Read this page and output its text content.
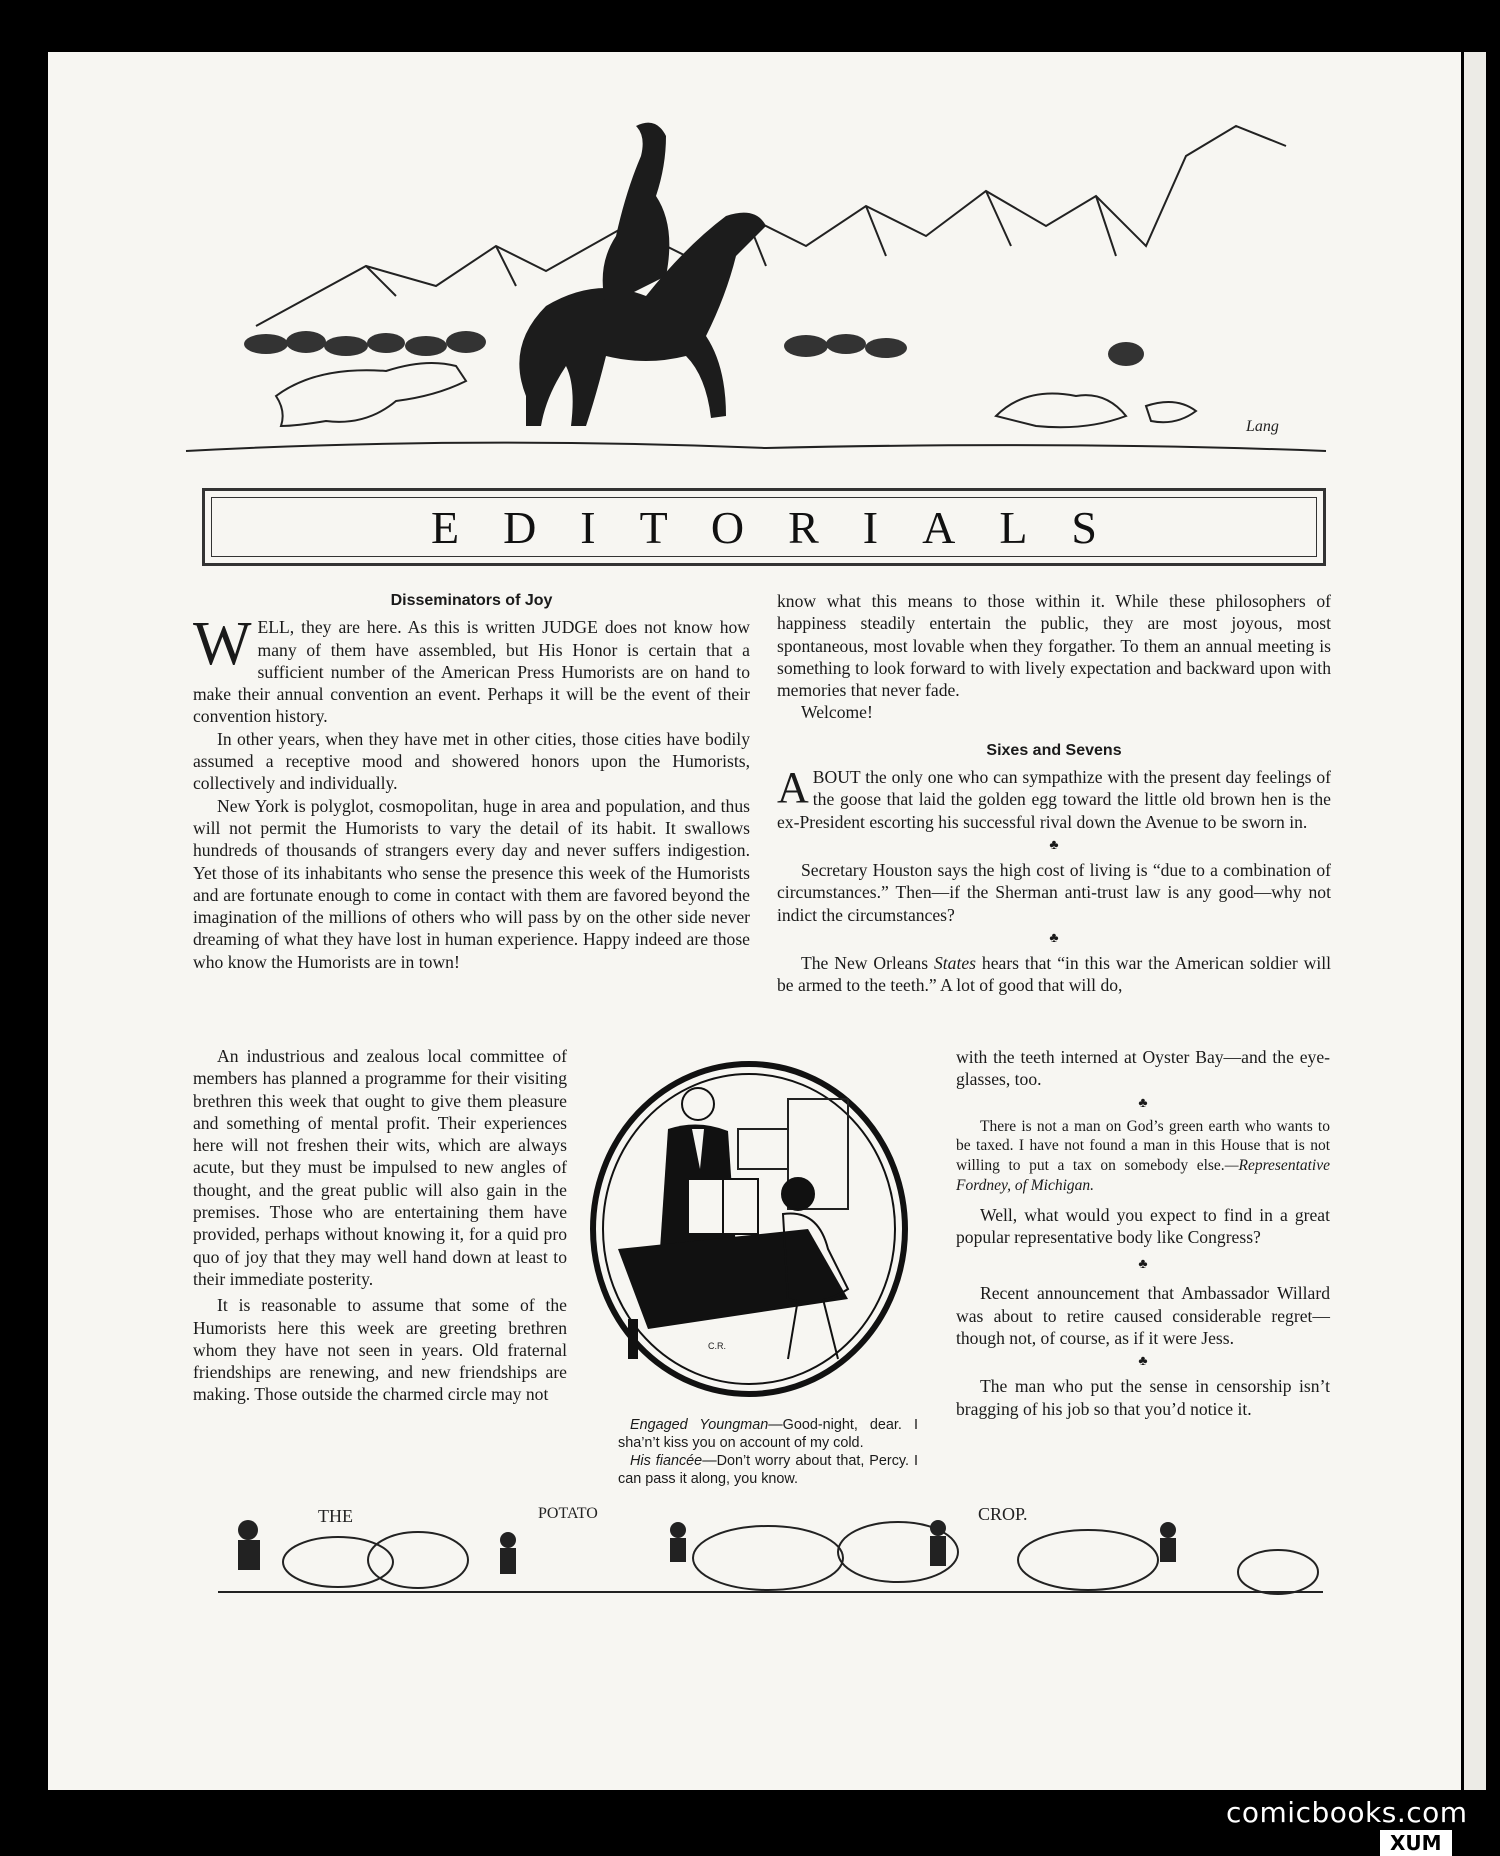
Lang
EDITORIALS
Disseminators of Joy

WELL, they are here. As this is written JUDGE does not know how many of them have assembled, but His Honor is certain that a sufficient number of the American Press Humorists are on hand to make their annual convention an event. Perhaps it will be the event of their convention history.

In other years, when they have met in other cities, those cities have bodily assumed a receptive mood and showered honors upon the Humorists, collectively and individually.

New York is polyglot, cosmopolitan, huge in area and population, and thus will not permit the Humorists to vary the detail of its habit. It swallows hundreds of thousands of strangers every day and never suffers indigestion. Yet those of its inhabitants who sense the presence this week of the Humorists and are fortunate enough to come in contact with them are favored beyond the imagination of the millions of others who will pass by on the other side never dreaming of what they have lost in human experience. Happy indeed are those who know the Humorists are in town!

An industrious and zealous local committee of members has planned a programme for their visiting brethren this week that ought to give them pleasure and something of mental profit. Their experiences here will not freshen their wits, which are always acute, but they must be impulsed to new angles of thought, and the great public will also gain in the premises. Those who are entertaining them have provided, perhaps without knowing it, for a quid pro quo of joy that they may well hand down at least to their immediate posterity.

It is reasonable to assume that some of the Humorists here this week are greeting brethren whom they have not seen in years. Old fraternal friendships are renewing, and new friendships are making. Those outside the charmed circle may not

know what this means to those within it. While these philosophers of happiness steadily entertain the public, they are most joyous, most spontaneous, most lovable when they forgather. To them an annual meeting is something to look forward to with lively expectation and backward upon with memories that never fade.

Welcome!

Sixes and Sevens

ABOUT the only one who can sympathize with the present day feelings of the goose that laid the golden egg toward the little old brown hen is the ex-President escorting his successful rival down the Avenue to be sworn in.

♣

Secretary Houston says the high cost of living is “due to a combination of circumstances.” Then—if the Sherman anti-trust law is any good—why not indict the circumstances?

♣

The New Orleans States hears that “in this war the American soldier will be armed to the teeth.” A lot of good that will do,

with the teeth interned at Oyster Bay—and the eye-glasses, too.

♣

There is not a man on God’s green earth who wants to be taxed. I have not found a man in this House that is not willing to put a tax on somebody else.—Representative Fordney, of Michigan.

Well, what would you expect to find in a great popular representative body like Congress?

♣

Recent announcement that Ambassador Willard was about to retire caused considerable regret—though not, of course, as if it were Jess.

♣

The man who put the sense in censorship isn’t bragging of his job so that you’d notice it.

C.R.

Engaged Youngman—Good-night, dear. I sha’n’t kiss you on account of my cold.

His fiancée—Don’t worry about that, Percy. I can pass it along, you know.

THE	POTATO	CROP.
comicbooks.com
XUM
